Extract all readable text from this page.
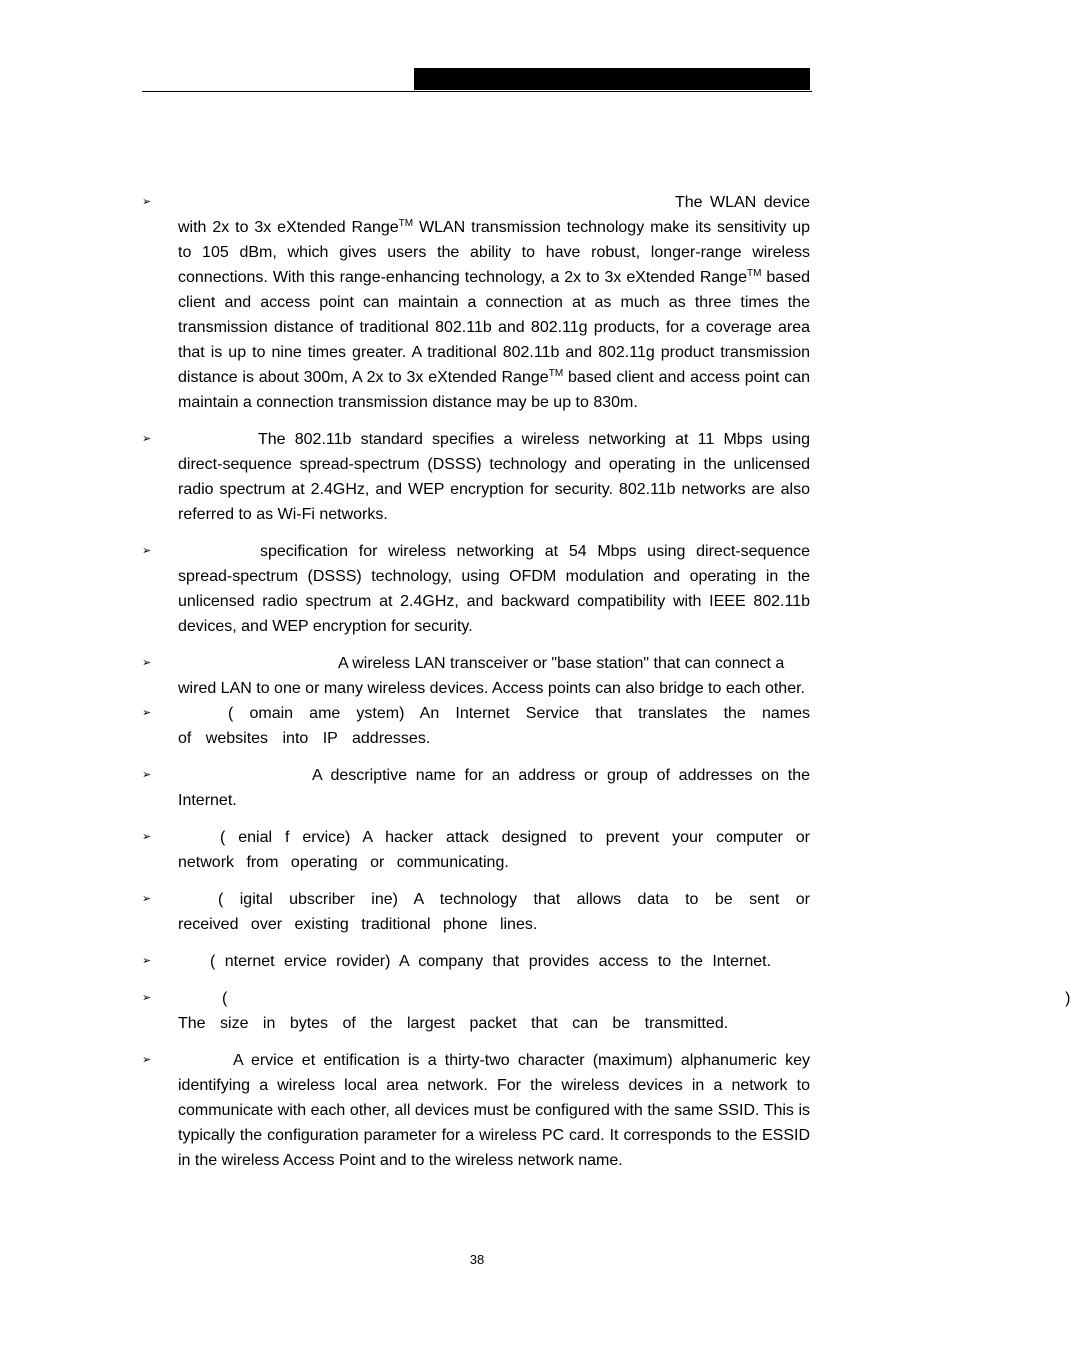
➢	The WLAN device with 2x to 3x eXtended Range™ WLAN transmission technology make its sensitivity up to 105 dBm, which gives users the ability to have robust, longer-range wireless connections. With this range-enhancing technology, a 2x to 3x eXtended Range™ based client and access point can maintain a connection at as much as three times the transmission distance of traditional 802.11b and 802.11g products, for a coverage area that is up to nine times greater. A traditional 802.11b and 802.11g product transmission distance is about 300m, A 2x to 3x eXtended Range™ based client and access point can maintain a connection transmission distance may be up to 830m.
➢	The 802.11b standard specifies a wireless networking at 11 Mbps using direct-sequence spread-spectrum (DSSS) technology and operating in the unlicensed radio spectrum at 2.4GHz, and WEP encryption for security. 802.11b networks are also referred to as Wi-Fi networks.
➢	specification for wireless networking at 54 Mbps using direct-sequence spread-spectrum (DSSS) technology, using OFDM modulation and operating in the unlicensed radio spectrum at 2.4GHz, and backward compatibility with IEEE 802.11b devices, and WEP encryption for security.
➢	A wireless LAN transceiver or "base station" that can connect a wired LAN to one or many wireless devices. Access points can also bridge to each other.
➢	( omain ame ystem) An Internet Service that translates the names of websites into IP addresses.
➢	A descriptive name for an address or group of addresses on the Internet.
➢	( enial f ervice) A hacker attack designed to prevent your computer or network from operating or communicating.
➢	( igital ubscriber ine) A technology that allows data to be sent or received over existing traditional phone lines.
➢	( nternet ervice rovider) A company that provides access to the Internet.
➢	(                                                          ) The size in bytes of the largest packet that can be transmitted.
➢	A ervice et entification is a thirty-two character (maximum) alphanumeric key identifying a wireless local area network. For the wireless devices in a network to communicate with each other, all devices must be configured with the same SSID. This is typically the configuration parameter for a wireless PC card. It corresponds to the ESSID in the wireless Access Point and to the wireless network name.
38
